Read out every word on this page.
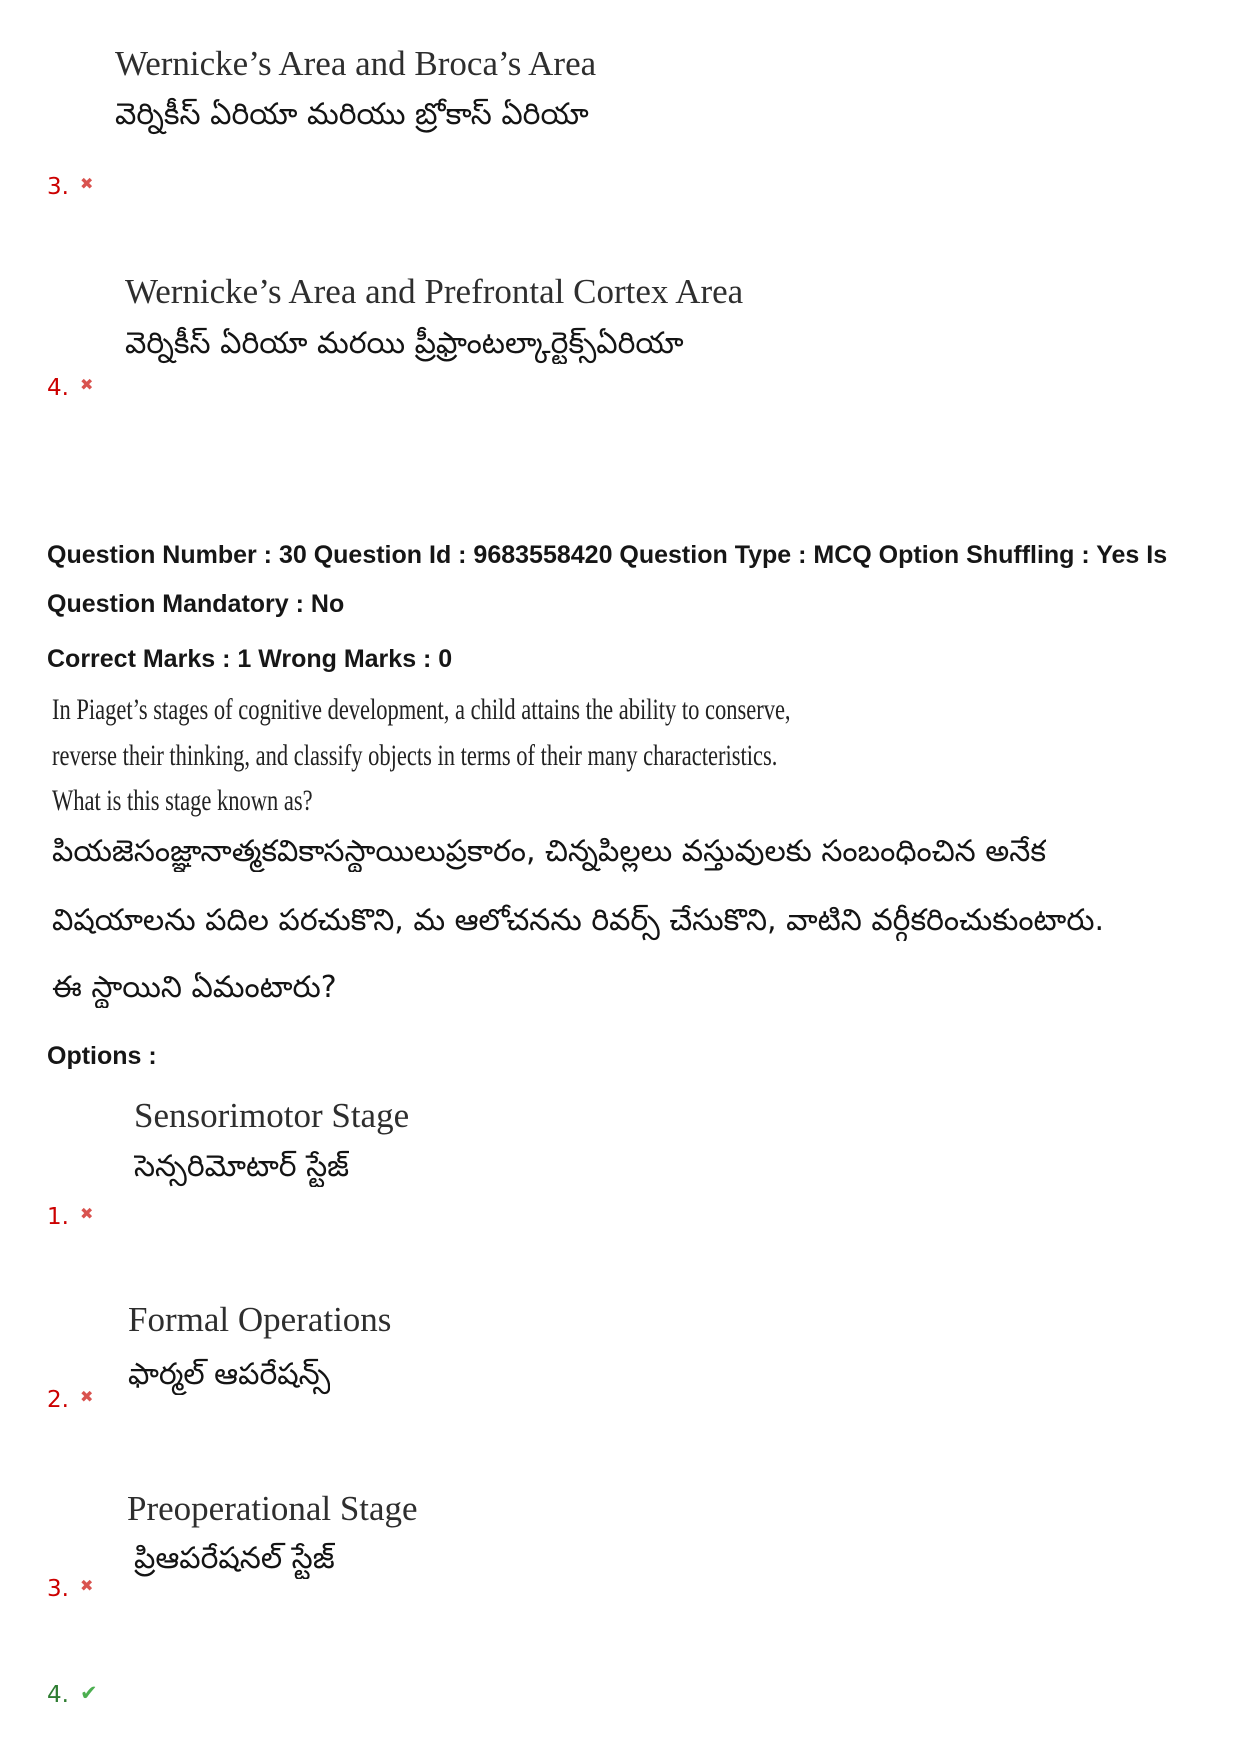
Wernicke’s Area and Broca’s Area
వెర్నికీస్ ఏరియా మరియు బ్రోకాస్ ఏరియా
3.✖
Wernicke’s Area and Prefrontal Cortex Area
వెర్నికీస్ ఏరియా మరయి ప్రీఫ్రాంటల్కార్టెక్స్ఏరియా
4.✖
Question Number : 30 Question Id : 9683558420 Question Type : MCQ Option Shuffling : Yes Is
Question Mandatory : No
Correct Marks : 1 Wrong Marks : 0
In Piaget’s stages of cognitive development, a child attains the ability to conserve,
reverse their thinking, and classify objects in terms of their many characteristics.
What is this stage known as?
పియజెసంజ్ఞానాత్మకవికాసస్థాయిలుప్రకారం, చిన్నపిల్లలు వస్తువులకు సంబంధించిన అనేక
విషయాలను పదిల పరచుకొని, మ ఆలోచనను రివర్స్ చేసుకొని, వాటిని వర్గీకరించుకుంటారు.
ఈ స్థాయిని ఏమంటారు?
Options :
Sensorimotor Stage
సెన్సరిమోటార్ స్టేజ్
1.✖
Formal Operations
ఫార్మల్ ఆపరేషన్స్
2.✖
Preoperational Stage
ప్రిఆపరేషనల్ స్టేజ్
3.✖
4.✔
